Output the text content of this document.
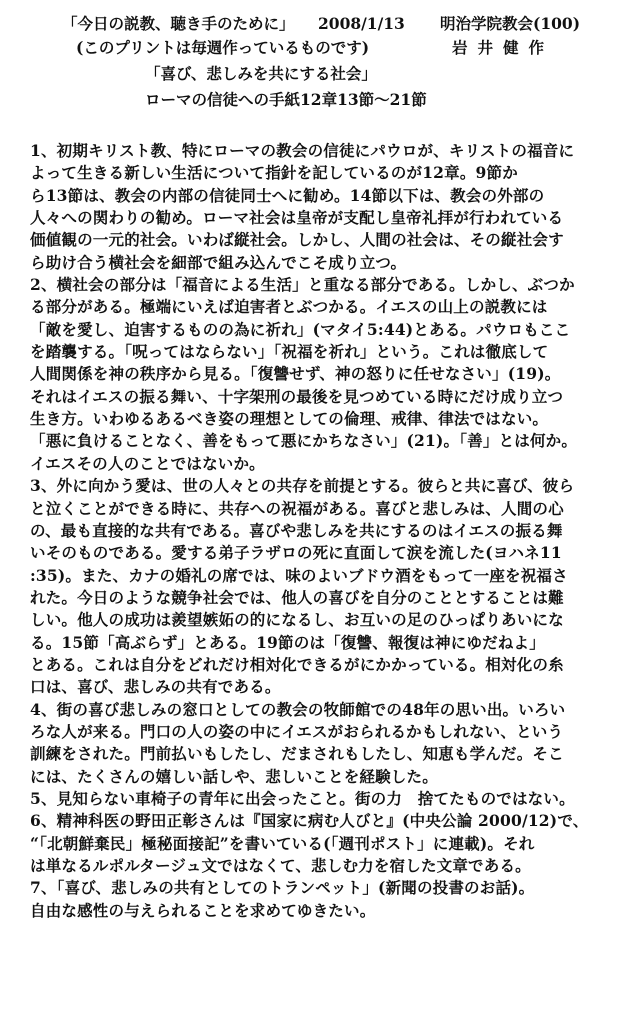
「今日の説教、聴き手のために」 2008/1/13 明治学院教会(100)
(このプリントは毎週作っているものです)	岩井健作
「喜び、悲しみを共にする社会」
ローマの信徒への手紙12章13節〜21節

1、初期キリスト教、特にローマの教会の信徒にパウロが、キリストの福音に
よって生きる新しい生活について指針を記しているのが12章。9節か
ら13節は、教会の内部の信徒同士へに勧め。14節以下は、教会の外部の
人々への関わりの勧め。ローマ社会は皇帝が支配し皇帝礼拝が行われている
価値観の一元的社会。いわば縦社会。しかし、人間の社会は、その縦社会す
ら助け合う横社会を細部で組み込んでこそ成り立つ。

2、横社会の部分は「福音による生活」と重なる部分である。しかし、ぶつか
る部分がある。極端にいえば迫害者とぶつかる。イエスの山上の説教には
「敵を愛し、迫害するものの為に祈れ」(マタイ5:44)とある。パウロもここ
を踏襲する。「呪ってはならない」「祝福を祈れ」という。これは徹底して
人間関係を神の秩序から見る。「復讐せず、神の怒りに任せなさい」(19)。
それはイエスの振る舞い、十字架刑の最後を見つめている時にだけ成り立つ
生き方。いわゆるあるべき姿の理想としての倫理、戒律、律法ではない。
「悪に負けることなく、善をもって悪にかちなさい」(21)。「善」とは何か。
イエスその人のことではないか。

3、外に向かう愛は、世の人々との共存を前提とする。彼らと共に喜び、彼ら
と泣くことができる時に、共存への祝福がある。喜びと悲しみは、人間の心
の、最も直接的な共有である。喜びや悲しみを共にするのはイエスの振る舞
いそのものである。愛する弟子ラザロの死に直面して涙を流した(ヨハネ11
:35)。また、カナの婚礼の席では、味のよいブドウ酒をもって一座を祝福さ
れた。今日のような競争社会では、他人の喜びを自分のこととすることは難
しい。他人の成功は羨望嫉妬の的になるし、お互いの足のひっぱりあいにな
る。15節「高ぶらず」とある。19節のは「復讐、報復は神にゆだねよ」
とある。これは自分をどれだけ相対化できるがにかかっている。相対化の糸
口は、喜び、悲しみの共有である。

4、街の喜び悲しみの窓口としての教会の牧師館での48年の思い出。いろい
ろな人が来る。門口の人の姿の中にイエスがおられるかもしれない、という
訓練をされた。門前払いもしたし、だまされもしたし、知恵も学んだ。そこ
には、たくさんの嬉しい話しや、悲しいことを経験した。

5、見知らない車椅子の青年に出会ったこと。街の力　捨てたものではない。

6、精神科医の野田正彰さんは『国家に病む人びと』(中央公論 2000/12)で、
“「北朝鮮棄民」極秘面接記”を書いている(「週刊ポスト」に連載)。それ
は単なるルポルタージュ文ではなくて、悲しむ力を宿した文章である。

7、「喜び、悲しみの共有としてのトランペット」(新聞の投書のお話)。
自由な感性の与えられることを求めてゆきたい。
